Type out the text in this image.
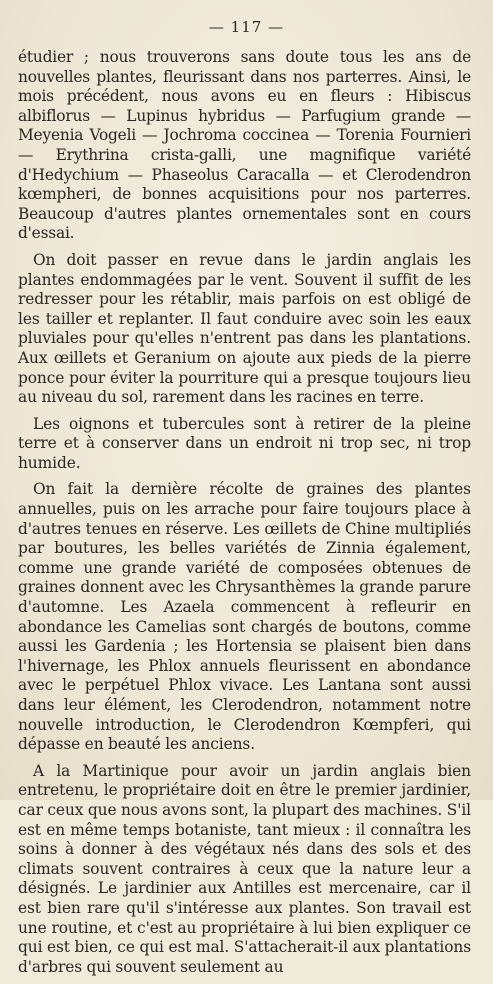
— 117 —

étudier ; nous trouverons sans doute tous les ans de nouvelles plantes, fleurissant dans nos parterres. Ainsi, le mois précédent, nous avons eu en fleurs : Hibiscus albiflorus — Lupinus hybridus — Parfugium grande — Meyenia Vogeli — Jochroma coccinea — Torenia Fournieri — Erythrina crista-galli, une magnifique variété d'Hedychium — Phaseolus Caracalla — et Clerodendron kœmpheri, de bonnes acquisitions pour nos parterres. Beaucoup d'autres plantes ornementales sont en cours d'essai.

On doit passer en revue dans le jardin anglais les plantes endommagées par le vent. Souvent il suffit de les redresser pour les rétablir, mais parfois on est obligé de les tailler et replanter. Il faut conduire avec soin les eaux pluviales pour qu'elles n'entrent pas dans les plantations. Aux œillets et Geranium on ajoute aux pieds de la pierre ponce pour éviter la pourriture qui a presque toujours lieu au niveau du sol, rarement dans les racines en terre.

Les oignons et tubercules sont à retirer de la pleine terre et à conserver dans un endroit ni trop sec, ni trop humide.

On fait la dernière récolte de graines des plantes annuelles, puis on les arrache pour faire toujours place à d'autres tenues en réserve. Les œillets de Chine multipliés par boutures, les belles variétés de Zinnia également, comme une grande variété de composées obtenues de graines donnent avec les Chrysanthèmes la grande parure d'automne. Les Azaela commencent à refleurir en abondance les Camelias sont chargés de boutons, comme aussi les Gardenia ; les Hortensia se plaisent bien dans l'hivernage, les Phlox annuels fleurissent en abondance avec le perpétuel Phlox vivace. Les Lantana sont aussi dans leur élément, les Clerodendron, notamment notre nouvelle introduction, le Clerodendron Kœmpferi, qui dépasse en beauté les anciens.

A la Martinique pour avoir un jardin anglais bien entretenu, le propriétaire doit en être le premier jardinier, car ceux que nous avons sont, la plupart des machines. S'il est en même temps botaniste, tant mieux : il connaîtra les soins à donner à des végétaux nés dans des sols et des climats souvent contraires à ceux que la nature leur a désignés. Le jardinier aux Antilles est mercenaire, car il est bien rare qu'il s'intéresse aux plantes. Son travail est une routine, et c'est au propriétaire à lui bien expliquer ce qui est bien, ce qui est mal. S'attacherait-il aux plantations d'arbres qui souvent seulement au
